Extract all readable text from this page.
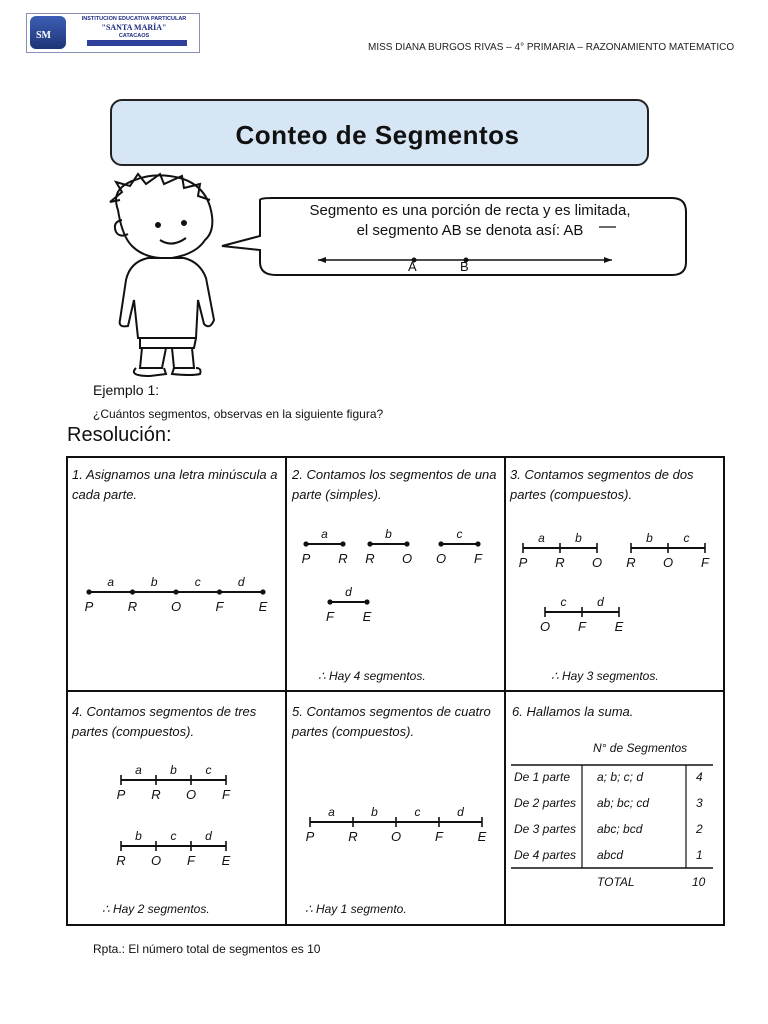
SM
INSTITUCION EDUCATIVA PARTICULAR
"SANTA MARÍA"
CATACAOS
MISS DIANA BURGOS RIVAS – 4° PRIMARIA – RAZONAMIENTO MATEMATICO
Conteo de Segmentos
Segmento es una porción de recta y es limitada,
el segmento AB se denota así: AB
A	B
Ejemplo 1:
¿Cuántos segmentos, observas en la siguiente figura?
Resolución:
1. Asignamos una letra minúscula a cada parte.
2. Contamos los segmentos de una parte (simples).
3. Contamos segmentos de dos partes (compuestos).
4. Contamos segmentos de tres partes (compuestos).
5. Contamos segmentos de cuatro partes (compuestos).
6. Hallamos la suma.
∴ Hay 4 segmentos.	∴ Hay 3 segmentos.
∴ Hay 2 segmentos.	∴ Hay 1 segmento.
P	R	O	F	E
a	b	c	d
P R
a
R O
b
O F
c
F E
d
P R O
a	b
R O F
b	c
O F E
c	d
P R O F
a b c
R O F E
b c d	P	R	O	F	E
a	b	c	d
N° de Segmentos
De 1 parte a; b; c; d	4
De 2 partes ab; bc; cd	3
De 3 partes abc; bcd	2
De 4 partes abcd	1
TOTAL	10
Rpta.: El número total de segmentos es 10
